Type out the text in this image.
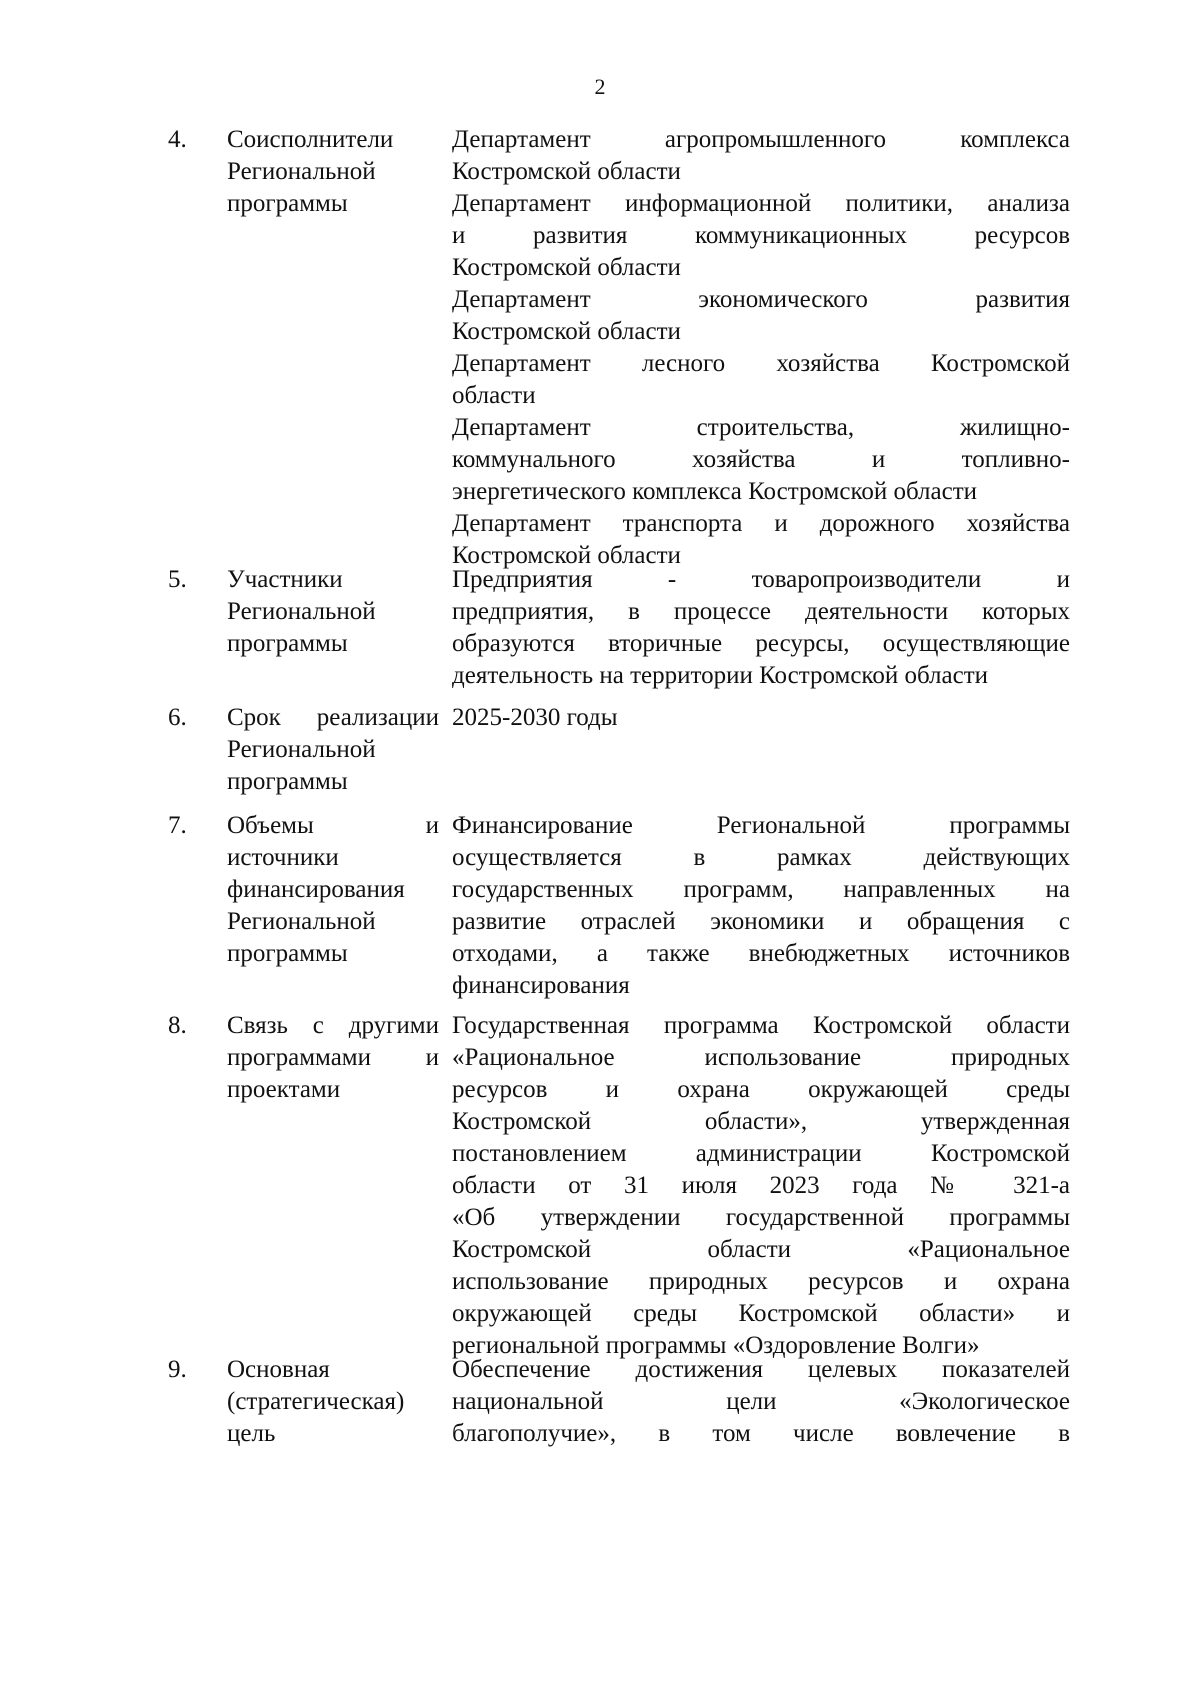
2
4.	Соисполнители Региональной программы
Департамент агропромышленного комплекса
Костромской области
Департамент информационной политики, анализа
и развития коммуникационных ресурсов
Костромской области
Департамент экономического развития
Костромской области
Департамент лесного хозяйства Костромской
области
Департамент строительства, жилищно-
коммунального хозяйства и топливно-
энергетического комплекса Костромской области
Департамент транспорта и дорожного хозяйства
Костромской области
5.	Участники Региональной программы
Предприятия - товаропроизводители и
предприятия, в процессе деятельности которых
образуются вторичные ресурсы, осуществляющие
деятельность на территории Костромской области
6.	Срок реализации Региональной программы
2025-2030 годы
7.	Объемы и источники финансирования Региональной программы
Финансирование Региональной программы
осуществляется в рамках действующих
государственных программ, направленных на
развитие отраслей экономики и обращения с
отходами, а также внебюджетных источников
финансирования
8.	Связь с другими программами и проектами
Государственная программа Костромской области
«Рациональное использование природных
ресурсов и охрана окружающей среды
Костромской области», утвержденная
постановлением администрации Костромской
области от 31 июля 2023 года № 321-а
«Об утверждении государственной программы
Костромской области «Рациональное
использование природных ресурсов и охрана
окружающей среды Костромской области» и
региональной программы «Оздоровление Волги»
9.	Основная (стратегическая) цель
Обеспечение достижения целевых показателей
национальной цели «Экологическое
благополучие», в том числе вовлечение в
